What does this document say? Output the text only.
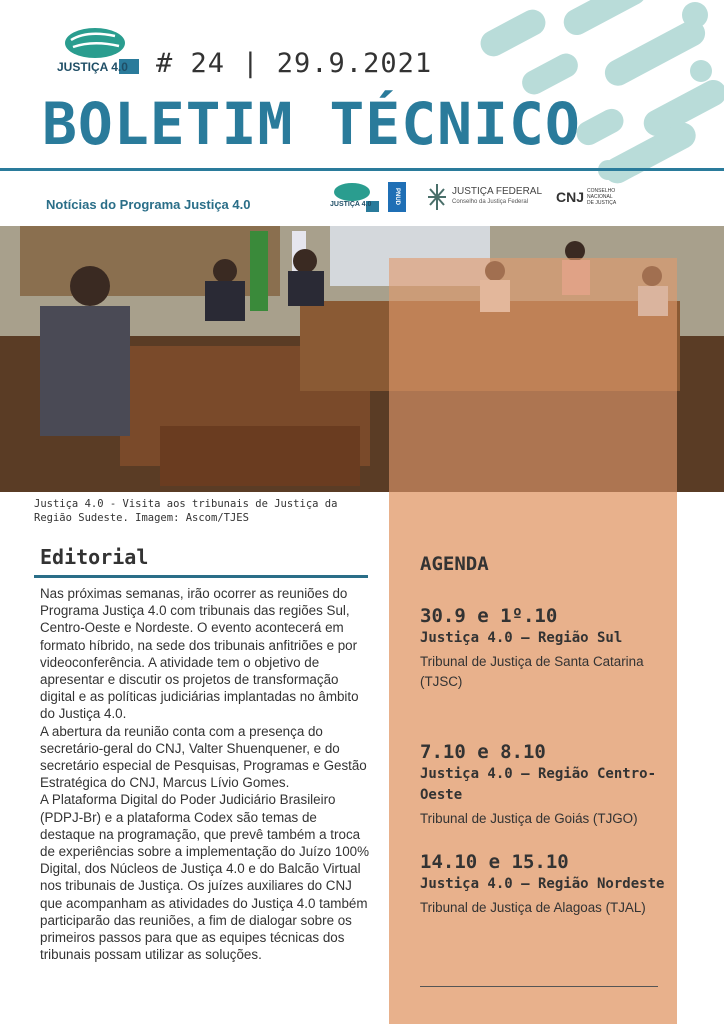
JUSTIÇA 4.0 # 24 | 29.9.2021
BOLETIM TÉCNICO
Notícias do Programa Justiça 4.0	JUSTIÇA 4.0	PNUD	JUSTIÇA FEDERAL
Conselho da Justiça Federal	CNJ CONSELHO NACIONAL DE JUSTIÇA
Justiça 4.0 - Visita aos tribunais de Justiça da Região Sudeste. Imagem: Ascom/TJES
Editorial

Nas próximas semanas, irão ocorrer as reuniões do Programa Justiça 4.0 com tribunais das regiões Sul, Centro-Oeste e Nordeste. O evento acontecerá em formato híbrido, na sede dos tribunais anfitriões e por videoconferência. A atividade tem o objetivo de apresentar e discutir os projetos de transformação digital e as políticas judiciárias implantadas no âmbito do Justiça 4.0.

A abertura da reunião conta com a presença do secretário-geral do CNJ, Valter Shuenquener, e do secretário especial de Pesquisas, Programas e Gestão Estratégica do CNJ, Marcus Lívio Gomes.

A Plataforma Digital do Poder Judiciário Brasileiro (PDPJ-Br) e a plataforma Codex são temas de destaque na programação, que prevê também a troca de experiências sobre a implementação do Juízo 100% Digital, dos Núcleos de Justiça 4.0 e do Balcão Virtual nos tribunais de Justiça. Os juízes auxiliares do CNJ que acompanham as atividades do Justiça 4.0 também participarão das reuniões, a fim de dialogar sobre os primeiros passos para que as equipes técnicas dos tribunais possam utilizar as soluções.

AGENDA
30.9 e 1º.10
Justiça 4.0 – Região Sul
Tribunal de Justiça de Santa Catarina (TJSC)
7.10 e 8.10
Justiça 4.0 – Região Centro-Oeste
Tribunal de Justiça de Goiás (TJGO)
14.10 e 15.10
Justiça 4.0 – Região Nordeste
Tribunal de Justiça de Alagoas (TJAL)
